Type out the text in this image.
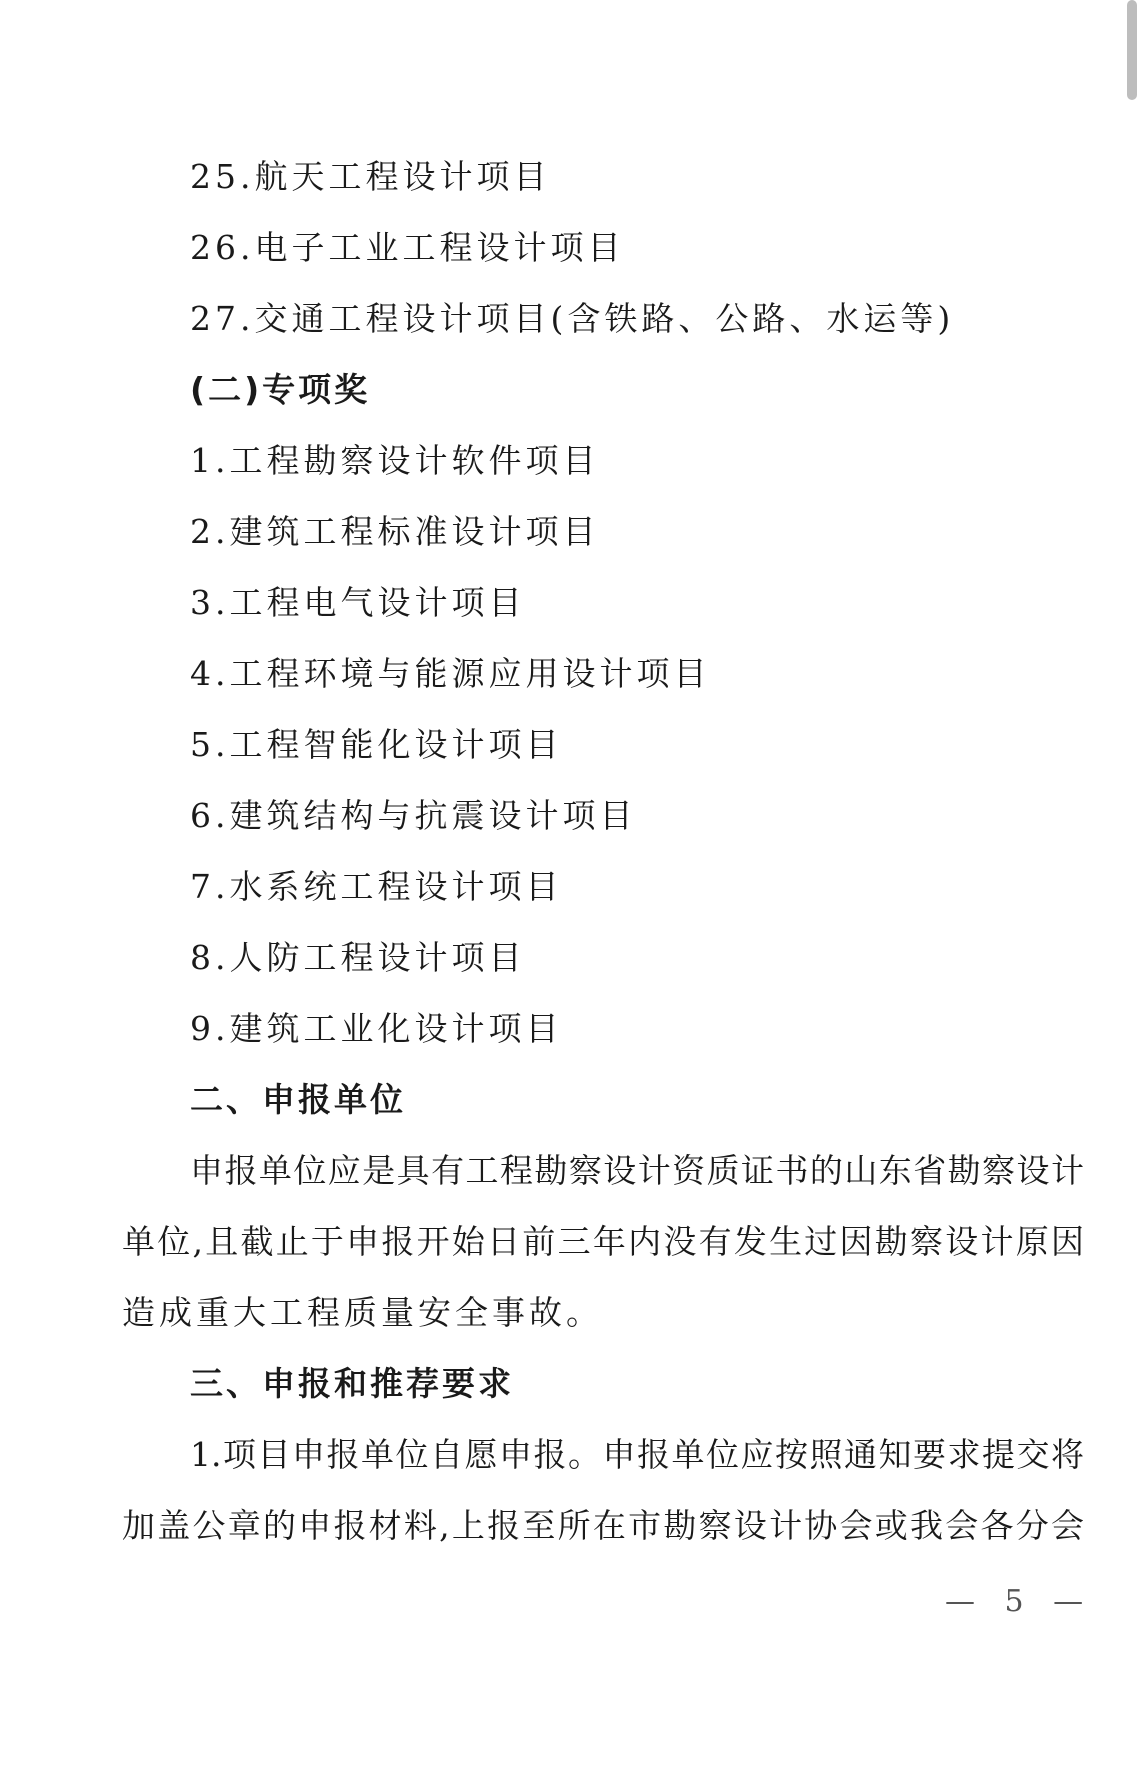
25.航天工程设计项目
26.电子工业工程设计项目
27.交通工程设计项目(含铁路、公路、水运等)
(二)专项奖
1.工程勘察设计软件项目
2.建筑工程标准设计项目
3.工程电气设计项目
4.工程环境与能源应用设计项目
5.工程智能化设计项目
6.建筑结构与抗震设计项目
7.水系统工程设计项目
8.人防工程设计项目
9.建筑工业化设计项目
二、申报单位
申报单位应是具有工程勘察设计资质证书的山东省勘察设计
单位,且截止于申报开始日前三年内没有发生过因勘察设计原因
造成重大工程质量安全事故。
三、申报和推荐要求
1.项目申报单位自愿申报。申报单位应按照通知要求提交将
加盖公章的申报材料,上报至所在市勘察设计协会或我会各分会
— 5 —
